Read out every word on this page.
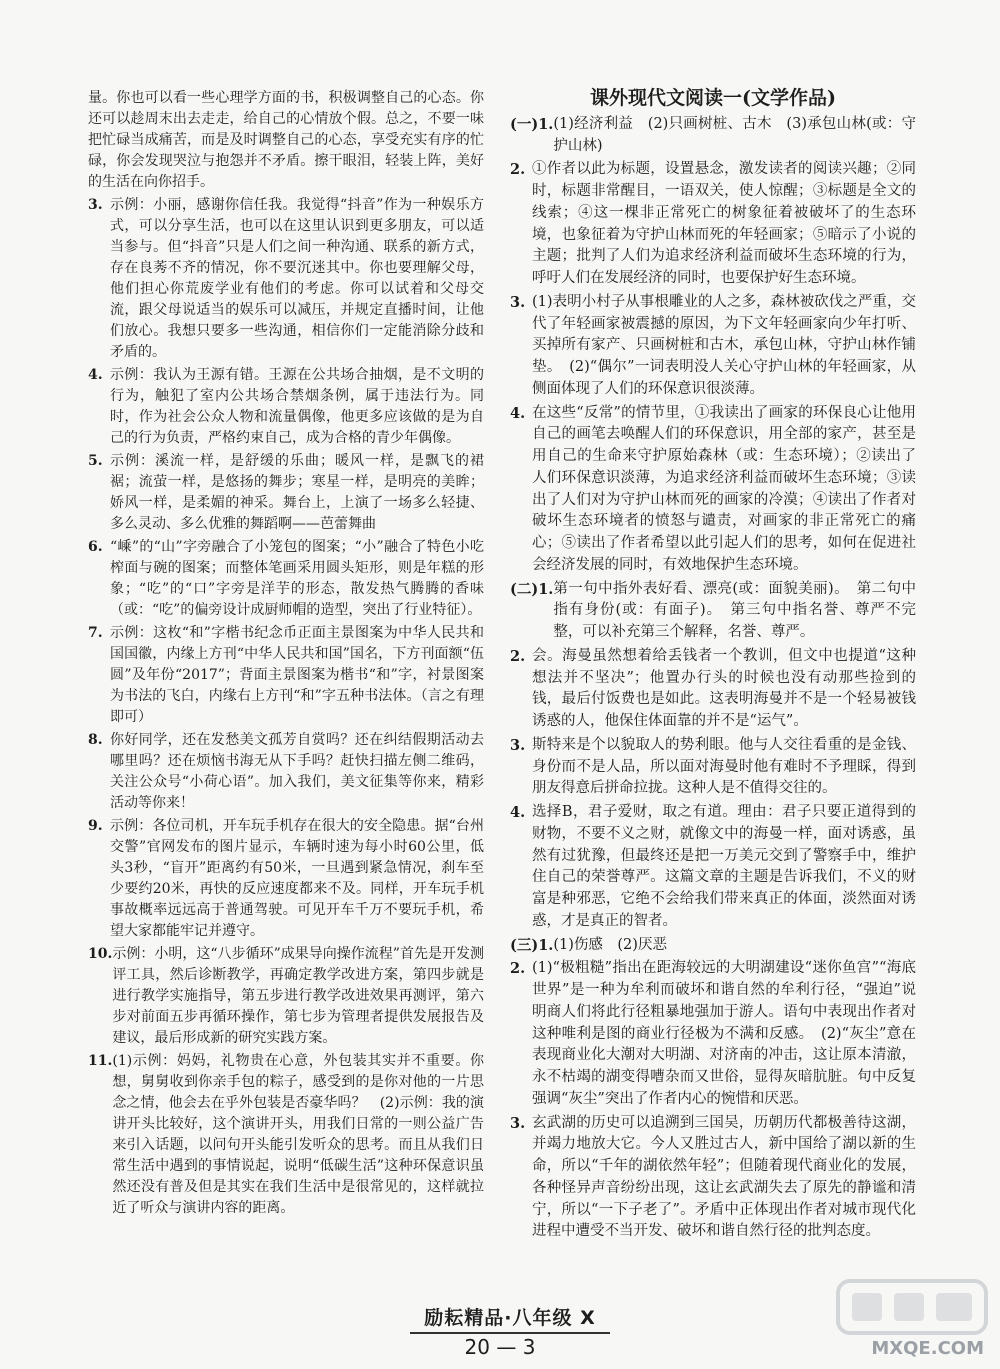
量。你也可以看一些心理学方面的书，积极调整自己的心态。你还可以趁周末出去走走，给自己的心情放个假。总之，不要一味把忙碌当成痛苦，而是及时调整自己的心态，享受充实有序的忙碌，你会发现哭泣与抱怨并不矛盾。擦干眼泪，轻装上阵，美好的生活在向你招手。

3. 示例：小丽，感谢你信任我。我觉得“抖音”作为一种娱乐方式，可以分享生活，也可以在这里认识到更多朋友，可以适当参与。但“抖音”只是人们之间一种沟通、联系的新方式，存在良莠不齐的情况，你不要沉迷其中。你也要理解父母，他们担心你荒废学业有他们的考虑。你可以试着和父母交流，跟父母说适当的娱乐可以减压，并规定直播时间，让他们放心。我想只要多一些沟通，相信你们一定能消除分歧和矛盾的。
4. 示例：我认为王源有错。王源在公共场合抽烟，是不文明的行为，触犯了室内公共场合禁烟条例，属于违法行为。同时，作为社会公众人物和流量偶像，他更多应该做的是为自己的行为负责，严格约束自己，成为合格的青少年偶像。
5. 示例：溪流一样，是舒缓的乐曲；暖风一样，是飘飞的裙裾；流萤一样，是悠扬的舞步；寒星一样，是明亮的美眸；娇风一样，是柔媚的神采。舞台上，上演了一场多么轻捷、多么灵动、多么优雅的舞蹈啊——芭蕾舞曲
6. “嵊”的“山”字旁融合了小笼包的图案；“小”融合了特色小吃榨面与碗的图案；而整体笔画采用圆头矩形，则是年糕的形象；“吃”的“口”字旁是洋芋的形态，散发热气腾腾的香味（或：“吃”的偏旁设计成厨师帽的造型，突出了行业特征）。
7. 示例：这枚“和”字楷书纪念币正面主景图案为中华人民共和国国徽，内缘上方刊“中华人民共和国”国名，下方刊面额“伍圆”及年份“2017”；背面主景图案为楷书“和”字，衬景图案为书法的飞白，内缘右上方刊“和”字五种书法体。（言之有理即可）
8. 你好同学，还在发愁美文孤芳自赏吗？还在纠结假期活动去哪里吗？还在烦恼书海无从下手吗？赶快扫描左侧二维码，关注公众号“小荷心语”。加入我们，美文征集等你来，精彩活动等你来！
9. 示例：各位司机，开车玩手机存在很大的安全隐患。据“台州交警”官网发布的图片显示，车辆时速为每小时60公里，低头3秒，“盲开”距离约有50米，一旦遇到紧急情况，刹车至少要约20米，再快的反应速度都来不及。同样，开车玩手机事故概率远远高于普通驾驶。可见开车千万不要玩手机，希望大家都能牢记并遵守。
10. 示例：小明，这“八步循环”成果导向操作流程”首先是开发测评工具，然后诊断教学，再确定教学改进方案，第四步就是进行教学实施指导，第五步进行教学改进效果再测评，第六步对前面五步再循环操作，第七步为管理者提供发展报告及建议，最后形成新的研究实践方案。
11. (1)示例：妈妈，礼物贵在心意，外包装其实并不重要。你想，舅舅收到你亲手包的粽子，感受到的是你对他的一片思念之情，他会去在乎外包装是否豪华吗？　(2)示例：我的演讲开头比较好，这个演讲开头，用我们日常的一则公益广告来引入话题，以问句开头能引发听众的思考。而且从我们日常生活中遇到的事情说起，说明“低碳生活”这种环保意识虽然还没有普及但是其实在我们生活中是很常见的，这样就拉近了听众与演讲内容的距离。
课外现代文阅读一(文学作品)
(一)1. (1)经济利益　(2)只画树桩、古木　(3)承包山林(或：守护山林)
2. ①作者以此为标题，设置悬念，激发读者的阅读兴趣；②同时，标题非常醒目，一语双关，使人惊醒；③标题是全文的线索；④这一棵非正常死亡的树象征着被破坏了的生态环境，也象征着为守护山林而死的年轻画家；⑤暗示了小说的主题；批判了人们为追求经济利益而破坏生态环境的行为，呼吁人们在发展经济的同时，也要保护好生态环境。
3. (1)表明小村子从事根雕业的人之多，森林被砍伐之严重，交代了年轻画家被震撼的原因，为下文年轻画家向少年打听、买掉所有家产、只画树桩和古木，承包山林，守护山林作铺垫。　(2)“偶尔”一词表明没人关心守护山林的年轻画家，从侧面体现了人们的环保意识很淡薄。
4. 在这些“反常”的情节里，①我读出了画家的环保良心让他用自己的画笔去唤醒人们的环保意识，用全部的家产，甚至是用自己的生命来守护原始森林（或：生态环境）；②读出了人们环保意识淡薄，为追求经济利益而破坏生态环境；③读出了人们对为守护山林而死的画家的冷漠；④读出了作者对破坏生态环境者的愤怒与谴责，对画家的非正常死亡的痛心；⑤读出了作者希望以此引起人们的思考，如何在促进社会经济发展的同时，有效地保护生态环境。
(二)1. 第一句中指外表好看、漂亮(或：面貌美丽)。　第二句中指有身份(或：有面子)。　第三句中指名誉、尊严不完整，可以补充第三个解释，名誉、尊严。
2. 会。海曼虽然想着给丢钱者一个教训，但文中也提道“这种想法并不坚决”；他置办行头的时候也没有动那些捡到的钱，最后付饭费也是如此。这表明海曼并不是一个轻易被钱诱惑的人，他保住体面靠的并不是“运气”。
3. 斯特来是个以貌取人的势利眼。他与人交往看重的是金钱、身份而不是人品，所以面对海曼时他有难时不予理睬，得到朋友得意后拼命拉拢。这种人是不值得交往的。
4. 选择B，君子爱财，取之有道。理由：君子只要正道得到的财物，不要不义之财，就像文中的海曼一样，面对诱惑，虽然有过犹豫，但最终还是把一万美元交到了警察手中，维护住自己的荣誉尊严。这篇文章的主题是告诉我们，不义的财富是种邪恶，它绝不会给我们带来真正的体面，淡然面对诱惑，才是真正的智者。
(三)1. (1)伤感　(2)厌恶
2. (1)“极粗糙”指出在距海较远的大明湖建设“迷你鱼宫”“海底世界”是一种为牟利而破坏和谐自然的牟利行径，“强迫”说明商人们将此行径粗暴地强加于游人。语句中表现出作者对这种唯利是图的商业行径极为不满和反感。　(2)“灰尘”意在表现商业化大潮对大明湖、对济南的冲击，这让原本清澈，永不枯竭的湖变得嘈杂而又世俗，显得灰暗肮脏。句中反复强调“灰尘”突出了作者内心的惋惜和厌恶。
3. 玄武湖的历史可以追溯到三国吴，历朝历代都极善待这湖，并竭力地放大它。今人又胜过古人，新中国给了湖以新的生命，所以“千年的湖依然年轻”；但随着现代商业化的发展，各种怪异声音纷纷出现，这让玄武湖失去了原先的静谧和清宁，所以“一下子老了”。矛盾中正体现出作者对城市现代化进程中遭受不当开发、破坏和谐自然行径的批判态度。
励耘精品·八年级 X
20 — 3	MXQE.COM
